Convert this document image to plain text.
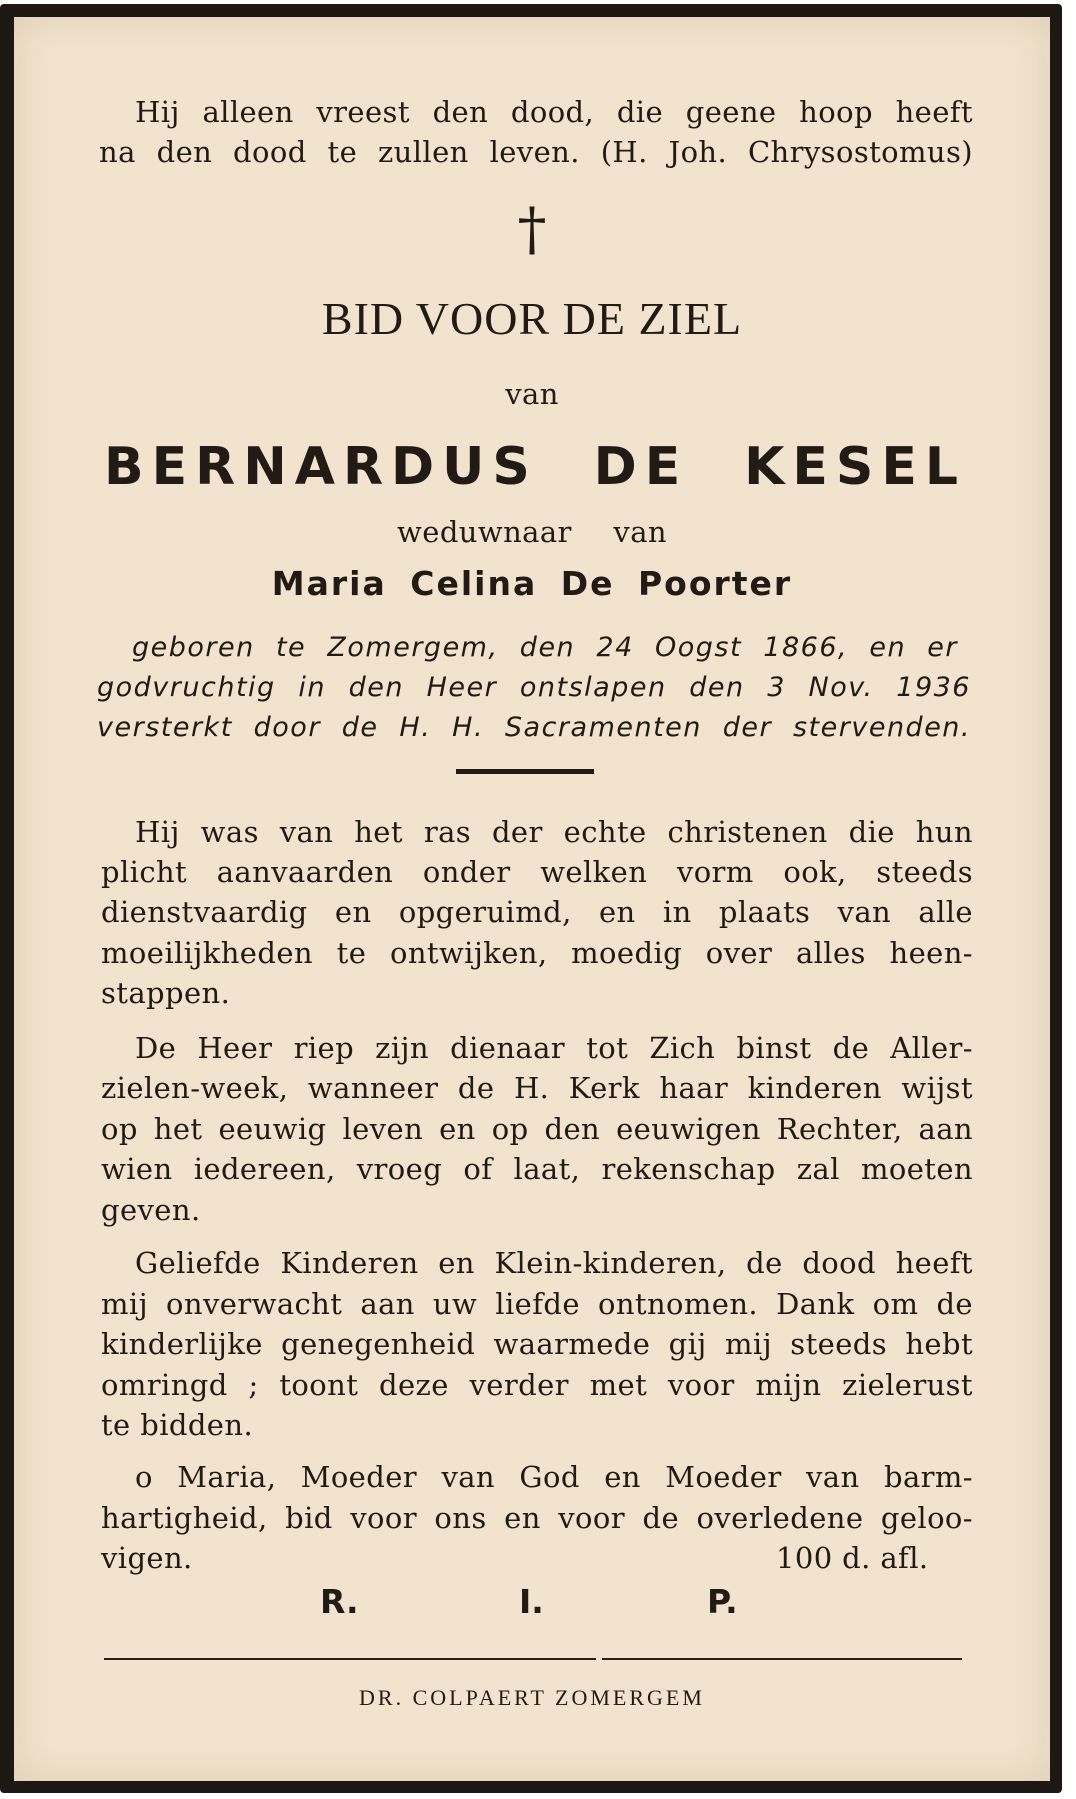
Hij alleen vreest den dood, die geene hoop heeft
na den dood te zullen leven. (H. Joh. Chrysostomus)
†
BID VOOR DE ZIEL
van
BERNARDUS DE KESEL
weduwnaar van
Maria Celina De Poorter
geboren te Zomergem, den 24 Oogst 1866, en er
godvruchtig in den Heer ontslapen den 3 Nov. 1936
versterkt door de H. H. Sacramenten der stervenden.
Hij was van het ras der echte christenen die hun
plicht aanvaarden onder welken vorm ook, steeds
dienstvaardig en opgeruimd, en in plaats van alle
moeilijkheden te ontwijken, moedig over alles heen-
stappen.
De Heer riep zijn dienaar tot Zich binst de Aller-
zielen-week, wanneer de H. Kerk haar kinderen wijst
op het eeuwig leven en op den eeuwigen Rechter, aan
wien iedereen, vroeg of laat, rekenschap zal moeten
geven.
Geliefde Kinderen en Klein-kinderen, de dood heeft
mij onverwacht aan uw liefde ontnomen. Dank om de
kinderlijke genegenheid waarmede gij mij steeds hebt
omringd ; toont deze verder met voor mijn zielerust
te bidden.
o Maria, Moeder van God en Moeder van barm-
hartigheid, bid voor ons en voor de overledene geloo-
vigen.	100 d. afl.
R.	I.	P.
DR. COLPAERT ZOMERGEM
